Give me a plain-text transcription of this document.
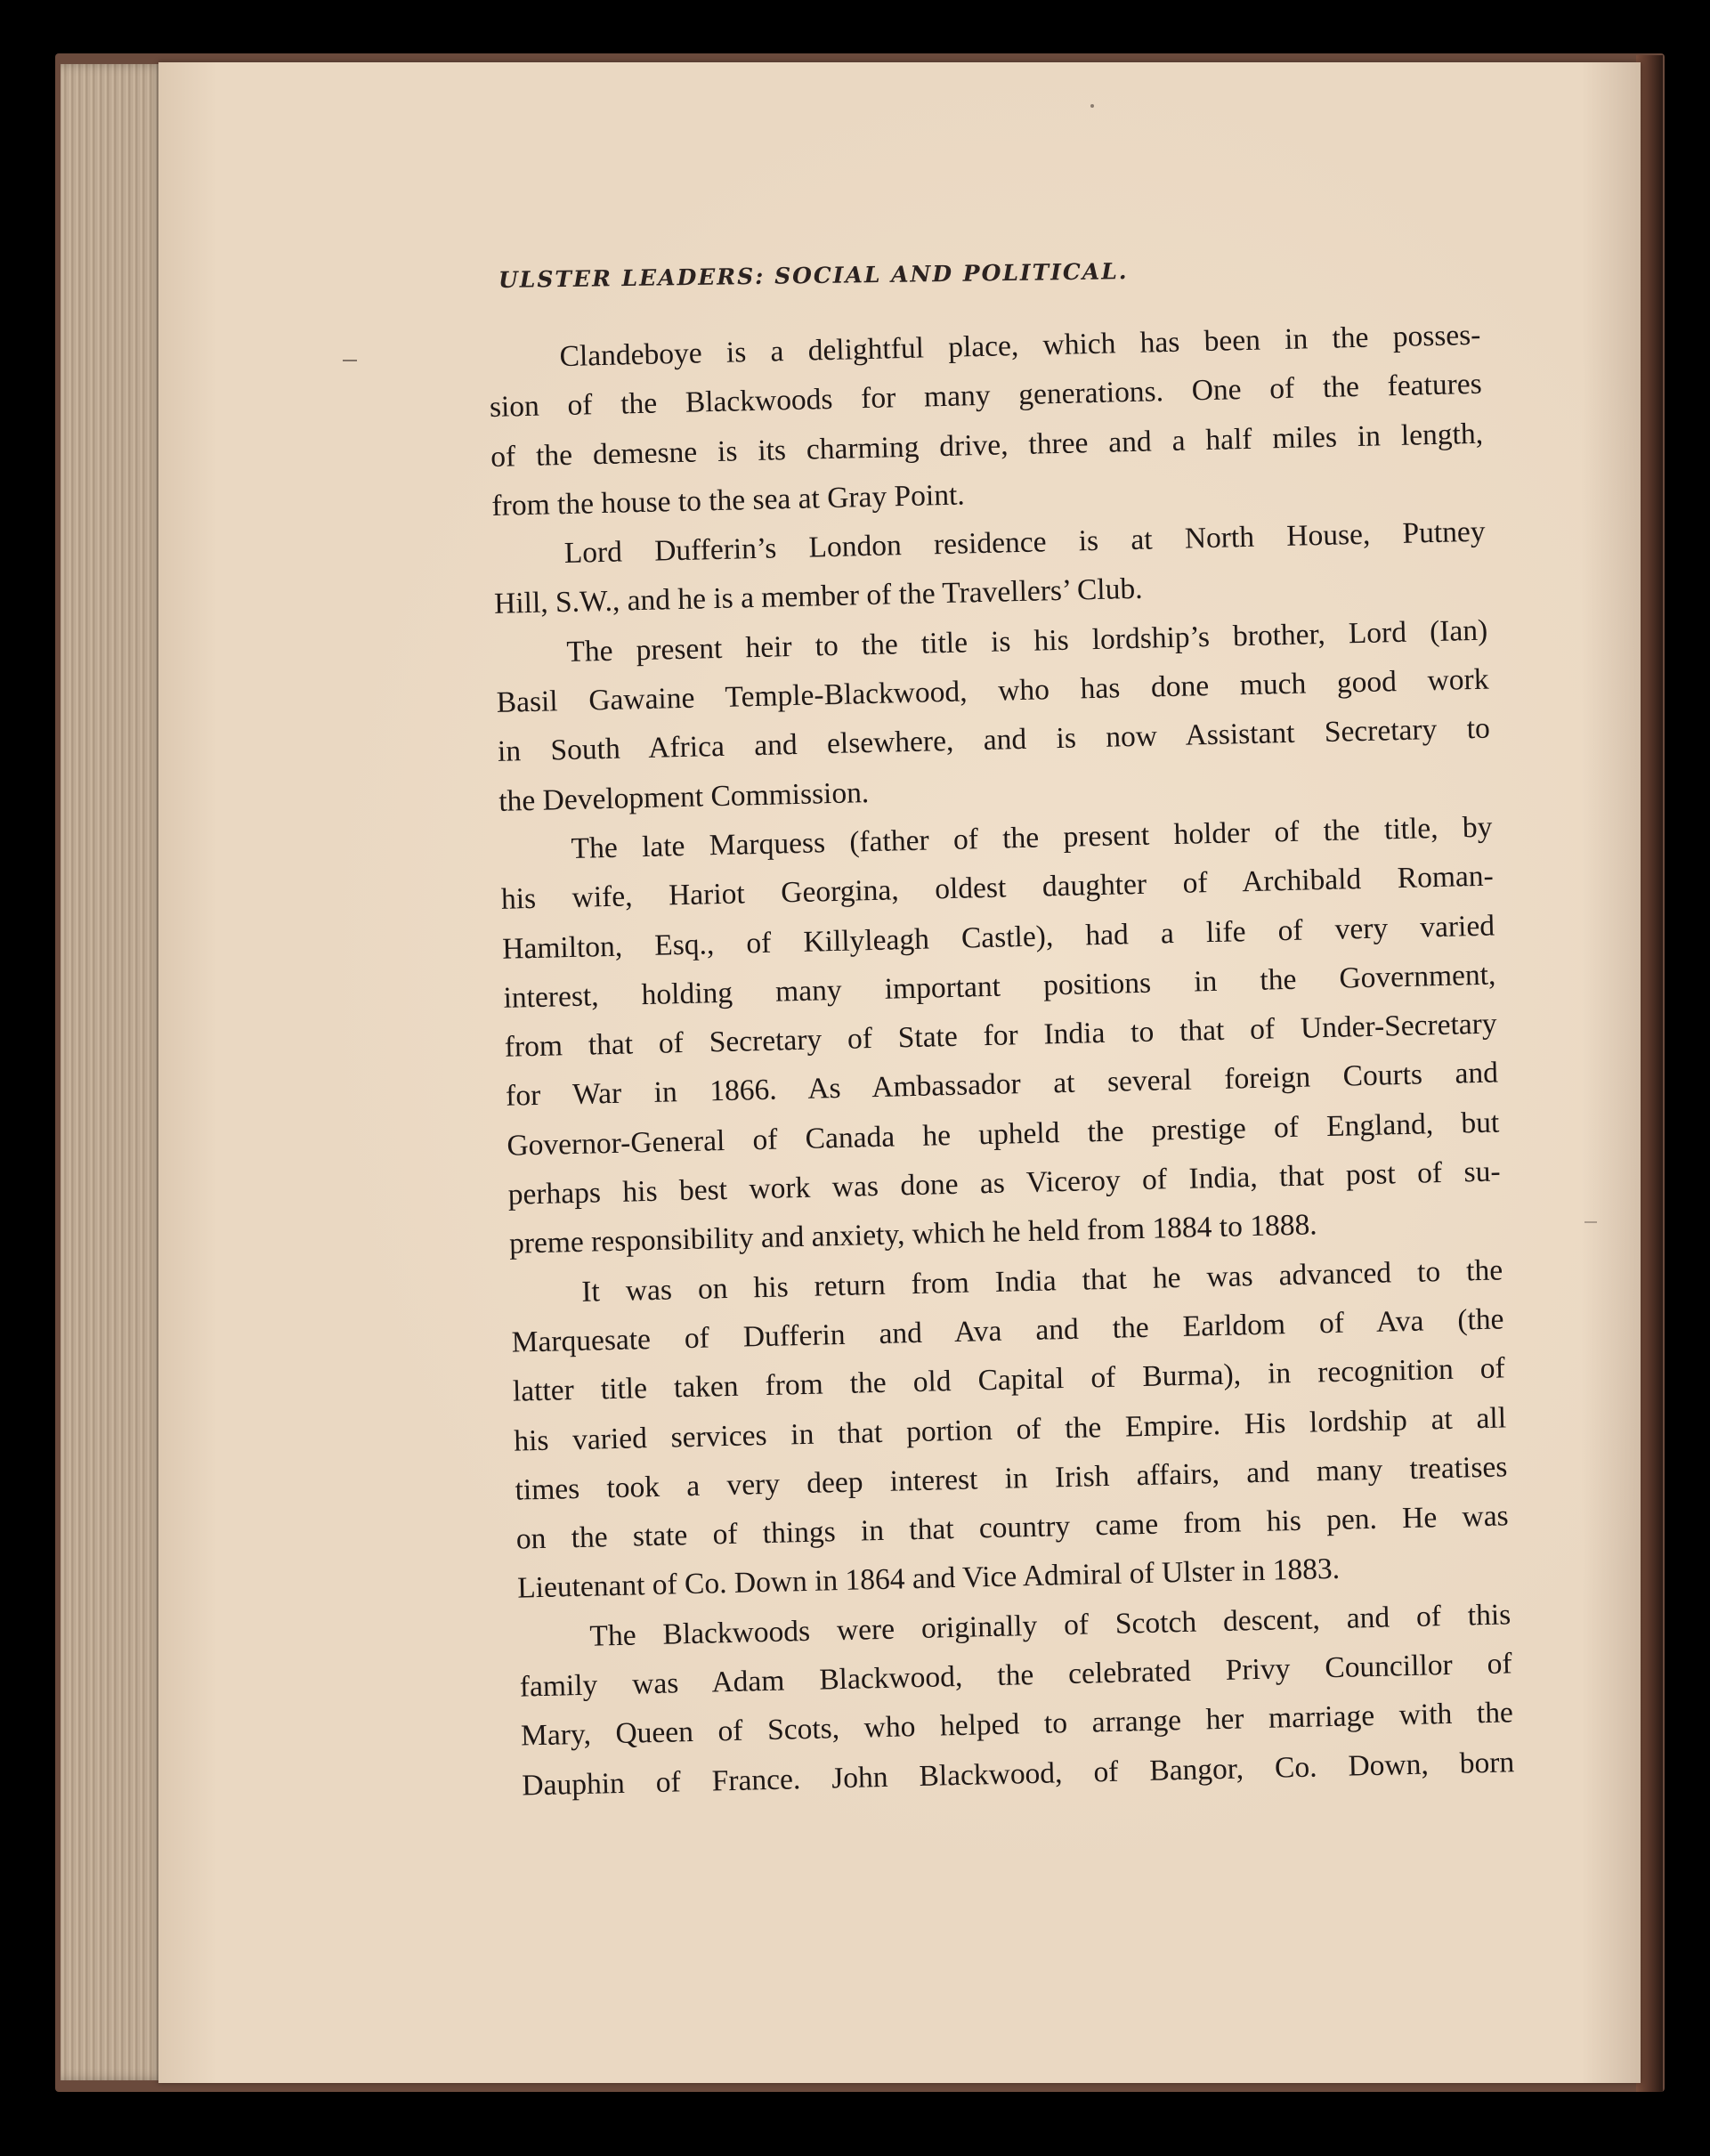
ULSTER LEADERS: SOCIAL AND POLITICAL.
Clandeboye is a delightful place, which has been in the posses-
sion of the Blackwoods for many generations. One of the features
of the demesne is its charming drive, three and a half miles in length,
from the house to the sea at Gray Point.
Lord Dufferin’s London residence is at North House, Putney
Hill, S.W., and he is a member of the Travellers’ Club.
The present heir to the title is his lordship’s brother, Lord (Ian)
Basil Gawaine Temple-Blackwood, who has done much good work
in South Africa and elsewhere, and is now Assistant Secretary to
the Development Commission.
The late Marquess (father of the present holder of the title, by
his wife, Hariot Georgina, oldest daughter of Archibald Roman-
Hamilton, Esq., of Killyleagh Castle), had a life of very varied
interest, holding many important positions in the Government,
from that of Secretary of State for India to that of Under-Secretary
for War in 1866. As Ambassador at several foreign Courts and
Governor-General of Canada he upheld the prestige of England, but
perhaps his best work was done as Viceroy of India, that post of su-
preme responsibility and anxiety, which he held from 1884 to 1888.
It was on his return from India that he was advanced to the
Marquesate of Dufferin and Ava and the Earldom of Ava (the
latter title taken from the old Capital of Burma), in recognition of
his varied services in that portion of the Empire. His lordship at all
times took a very deep interest in Irish affairs, and many treatises
on the state of things in that country came from his pen. He was
Lieutenant of Co. Down in 1864 and Vice Admiral of Ulster in 1883.
The Blackwoods were originally of Scotch descent, and of this
family was Adam Blackwood, the celebrated Privy Councillor of
Mary, Queen of Scots, who helped to arrange her marriage with the
Dauphin of France. John Blackwood, of Bangor, Co. Down, born
